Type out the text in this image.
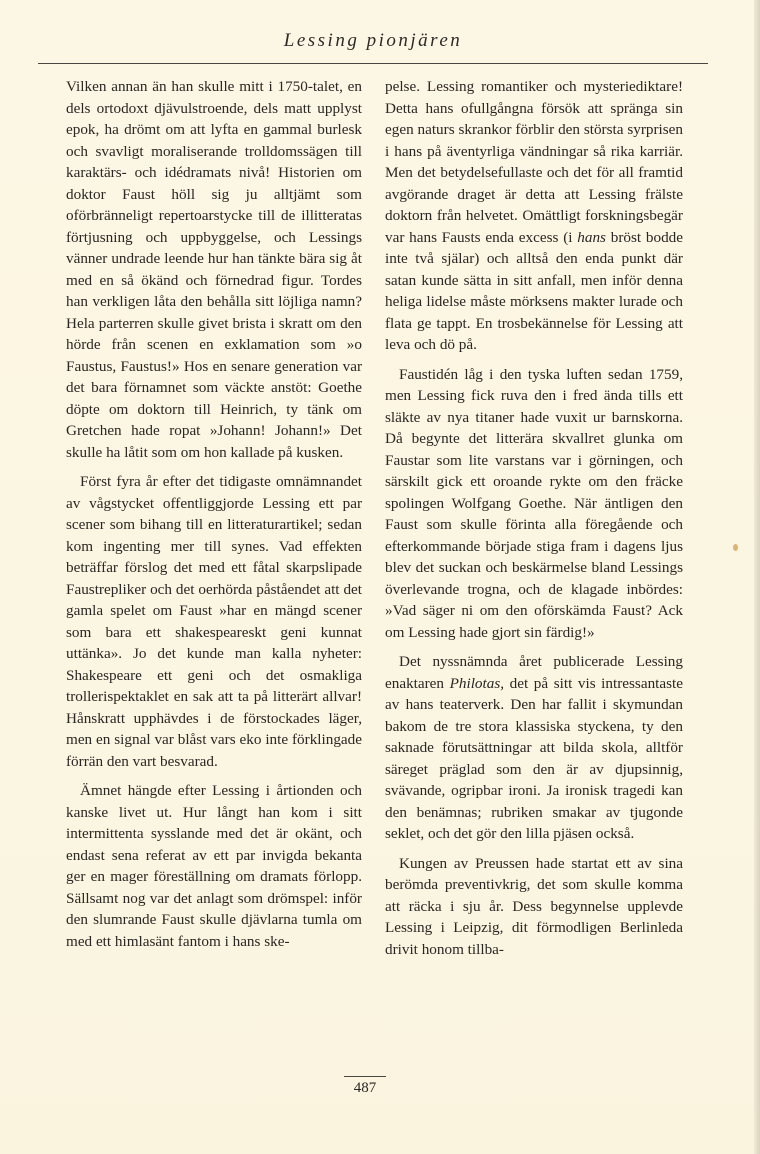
Lessing pionjären

Vilken annan än han skulle mitt i 1750-talet, en dels ortodoxt djävulstroende, dels matt upplyst epok, ha drömt om att lyfta en gammal burlesk och svavligt moraliserande trolldomssägen till karaktärs- och idédramats nivå! Historien om doktor Faust höll sig ju alltjämt som oförbränneligt repertoarstycke till de illitteratas förtjusning och uppbyggelse, och Lessings vänner undrade leende hur han tänkte bära sig åt med en så ökänd och förnedrad figur. Tordes han verkligen låta den behålla sitt löjliga namn? Hela parterren skulle givet brista i skratt om den hörde från scenen en exklamation som »o Faustus, Faustus!» Hos en senare generation var det bara förnamnet som väckte anstöt: Goethe döpte om doktorn till Heinrich, ty tänk om Gretchen hade ropat »Johann! Johann!» Det skulle ha låtit som om hon kallade på kusken.

Först fyra år efter det tidigaste omnämnandet av vågstycket offentliggjorde Lessing ett par scener som bihang till en litteraturartikel; sedan kom ingenting mer till synes. Vad effekten beträffar förslog det med ett fåtal skarpslipade Faustrepliker och det oerhörda påståendet att det gamla spelet om Faust »har en mängd scener som bara ett shakespeareskt geni kunnat uttänka». Jo det kunde man kalla nyheter: Shakespeare ett geni och det osmakliga trollerispektaklet en sak att ta på litterärt allvar! Hånskratt upphävdes i de förstockades läger, men en signal var blåst vars eko inte förklingade förrän den vart besvarad.

Ämnet hängde efter Lessing i årtionden och kanske livet ut. Hur långt han kom i sitt intermittenta sysslande med det är okänt, och endast sena referat av ett par invigda bekanta ger en mager föreställning om dramats förlopp. Sällsamt nog var det anlagt som drömspel: inför den slumrande Faust skulle djävlarna tumla om med ett himlasänt fantom i hans ske-

pelse. Lessing romantiker och mysteriediktare! Detta hans ofullgångna försök att spränga sin egen naturs skrankor förblir den största syrprisen i hans på äventyrliga vändningar så rika karriär. Men det betydelsefullaste och det för all framtid avgörande draget är detta att Lessing frälste doktorn från helvetet. Omättligt forskningsbegär var hans Fausts enda excess (i hans bröst bodde inte två själar) och alltså den enda punkt där satan kunde sätta in sitt anfall, men inför denna heliga lidelse måste mörksens makter lurade och flata ge tappt. En trosbekännelse för Lessing att leva och dö på.

Faustidén låg i den tyska luften sedan 1759, men Lessing fick ruva den i fred ända tills ett släkte av nya titaner hade vuxit ur barnskorna. Då begynte det litterära skvallret glunka om Faustar som lite varstans var i görningen, och särskilt gick ett oroande rykte om den fräcke spolingen Wolfgang Goethe. När äntligen den Faust som skulle förinta alla föregående och efterkommande började stiga fram i dagens ljus blev det suckan och beskärmelse bland Lessings överlevande trogna, och de klagade inbördes: »Vad säger ni om den oförskämda Faust? Ack om Lessing hade gjort sin färdig!»

Det nyssnämnda året publicerade Lessing enaktaren Philotas, det på sitt vis intressantaste av hans teaterverk. Den har fallit i skymundan bakom de tre stora klassiska styckena, ty den saknade förutsättningar att bilda skola, alltför säreget präglad som den är av djupsinnig, svävande, ogripbar ironi. Ja ironisk tragedi kan den benämnas; rubriken smakar av tjugonde seklet, och det gör den lilla pjäsen också.

Kungen av Preussen hade startat ett av sina berömda preventivkrig, det som skulle komma att räcka i sju år. Dess begynnelse upplevde Lessing i Leipzig, dit förmodligen Berlinleda drivit honom tillba-

487
